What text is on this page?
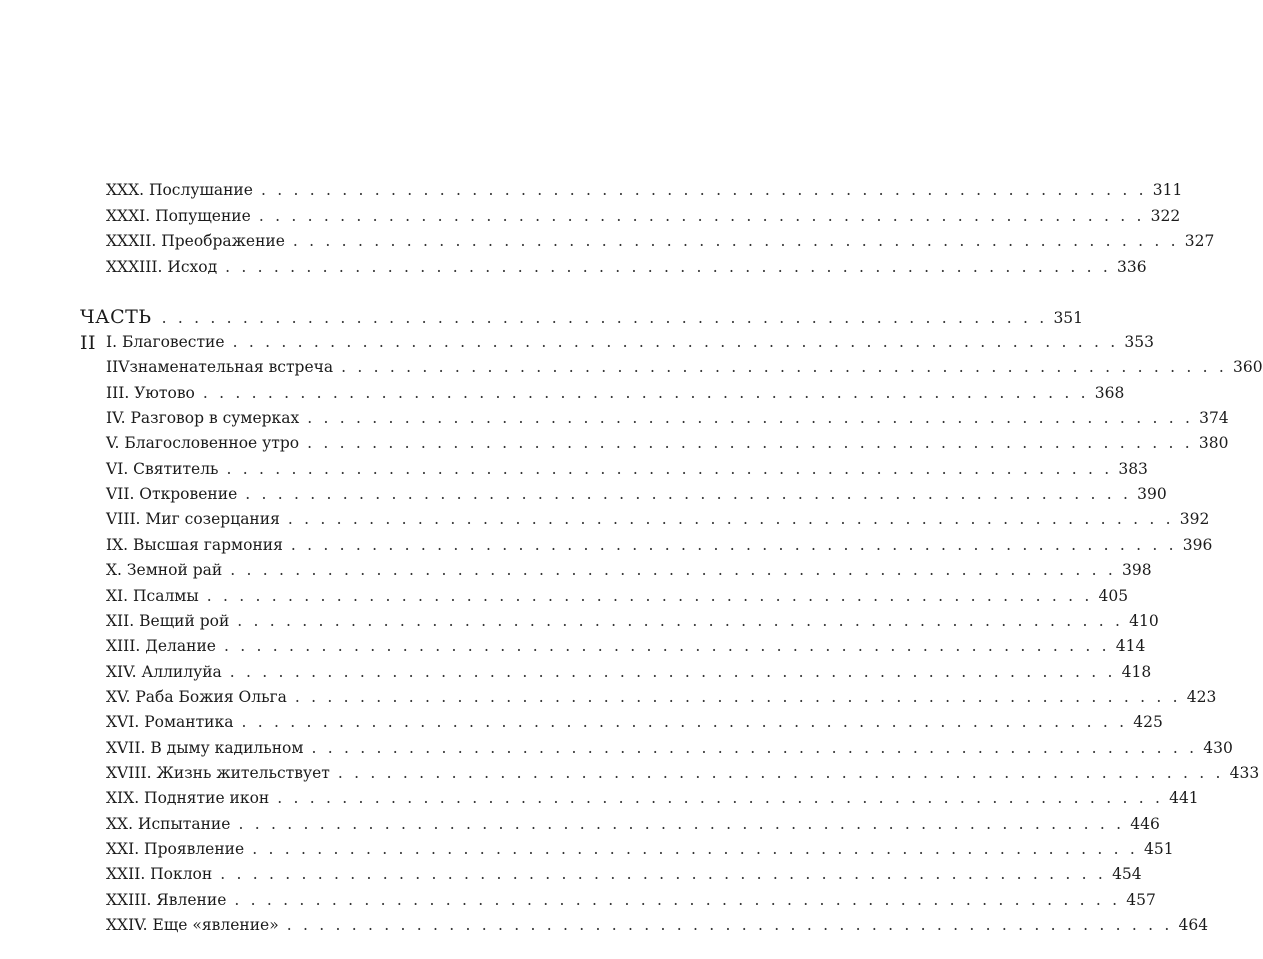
XXX. Послушание . . . . . . . . . . . . . . . . . . . . . . . . . . . . . . . . . . . . . . . . . . . . . . . . . . . . . . . 311
XXXI. Попущение . . . . . . . . . . . . . . . . . . . . . . . . . . . . . . . . . . . . . . . . . . . . . . . . . . . . . . . 322
XXXII. Преображение . . . . . . . . . . . . . . . . . . . . . . . . . . . . . . . . . . . . . . . . . . . . . . . . . . . . . . . 327
XXXIII. Исход . . . . . . . . . . . . . . . . . . . . . . . . . . . . . . . . . . . . . . . . . . . . . . . . . . . . . . . 336
ЧАСТЬ II
. . . . . . . . . . . . . . . . . . . . . . . . . . . . . . . . . . . . . . . . . . . . . . . . . . . . . . . 351
I. Благовестие . . . . . . . . . . . . . . . . . . . . . . . . . . . . . . . . . . . . . . . . . . . . . . . . . . . . . . . 353
IIVзнаменательная встреча . . . . . . . . . . . . . . . . . . . . . . . . . . . . . . . . . . . . . . . . . . . . . . . . . . . . . . . 360
III. Уютово . . . . . . . . . . . . . . . . . . . . . . . . . . . . . . . . . . . . . . . . . . . . . . . . . . . . . . . 368
IV. Разговор в сумерках . . . . . . . . . . . . . . . . . . . . . . . . . . . . . . . . . . . . . . . . . . . . . . . . . . . . . . . 374
V. Благословенное утро . . . . . . . . . . . . . . . . . . . . . . . . . . . . . . . . . . . . . . . . . . . . . . . . . . . . . . . 380
VI. Святитель . . . . . . . . . . . . . . . . . . . . . . . . . . . . . . . . . . . . . . . . . . . . . . . . . . . . . . . 383
VII. Откровение . . . . . . . . . . . . . . . . . . . . . . . . . . . . . . . . . . . . . . . . . . . . . . . . . . . . . . . 390
VIII. Миг созерцания . . . . . . . . . . . . . . . . . . . . . . . . . . . . . . . . . . . . . . . . . . . . . . . . . . . . . . . 392
IX. Высшая гармония . . . . . . . . . . . . . . . . . . . . . . . . . . . . . . . . . . . . . . . . . . . . . . . . . . . . . . . 396
X. Земной рай . . . . . . . . . . . . . . . . . . . . . . . . . . . . . . . . . . . . . . . . . . . . . . . . . . . . . . . 398
XI. Псалмы . . . . . . . . . . . . . . . . . . . . . . . . . . . . . . . . . . . . . . . . . . . . . . . . . . . . . . . 405
XII. Вещий рой . . . . . . . . . . . . . . . . . . . . . . . . . . . . . . . . . . . . . . . . . . . . . . . . . . . . . . . 410
XIII. Делание . . . . . . . . . . . . . . . . . . . . . . . . . . . . . . . . . . . . . . . . . . . . . . . . . . . . . . . 414
XIV. Аллилуйа . . . . . . . . . . . . . . . . . . . . . . . . . . . . . . . . . . . . . . . . . . . . . . . . . . . . . . . 418
XV. Раба Божия Ольга . . . . . . . . . . . . . . . . . . . . . . . . . . . . . . . . . . . . . . . . . . . . . . . . . . . . . . . 423
XVI. Романтика . . . . . . . . . . . . . . . . . . . . . . . . . . . . . . . . . . . . . . . . . . . . . . . . . . . . . . . 425
XVII. В дыму кадильном . . . . . . . . . . . . . . . . . . . . . . . . . . . . . . . . . . . . . . . . . . . . . . . . . . . . . . . 430
XVIII. Жизнь жительствует . . . . . . . . . . . . . . . . . . . . . . . . . . . . . . . . . . . . . . . . . . . . . . . . . . . . . . . 433
XIX. Поднятие икон . . . . . . . . . . . . . . . . . . . . . . . . . . . . . . . . . . . . . . . . . . . . . . . . . . . . . . . 441
XX. Испытание . . . . . . . . . . . . . . . . . . . . . . . . . . . . . . . . . . . . . . . . . . . . . . . . . . . . . . . 446
XXI. Проявление . . . . . . . . . . . . . . . . . . . . . . . . . . . . . . . . . . . . . . . . . . . . . . . . . . . . . . . 451
XXII. Поклон . . . . . . . . . . . . . . . . . . . . . . . . . . . . . . . . . . . . . . . . . . . . . . . . . . . . . . . 454
XXIII. Явление . . . . . . . . . . . . . . . . . . . . . . . . . . . . . . . . . . . . . . . . . . . . . . . . . . . . . . . 457
XXIV. Еще «явление» . . . . . . . . . . . . . . . . . . . . . . . . . . . . . . . . . . . . . . . . . . . . . . . . . . . . . . . 464
